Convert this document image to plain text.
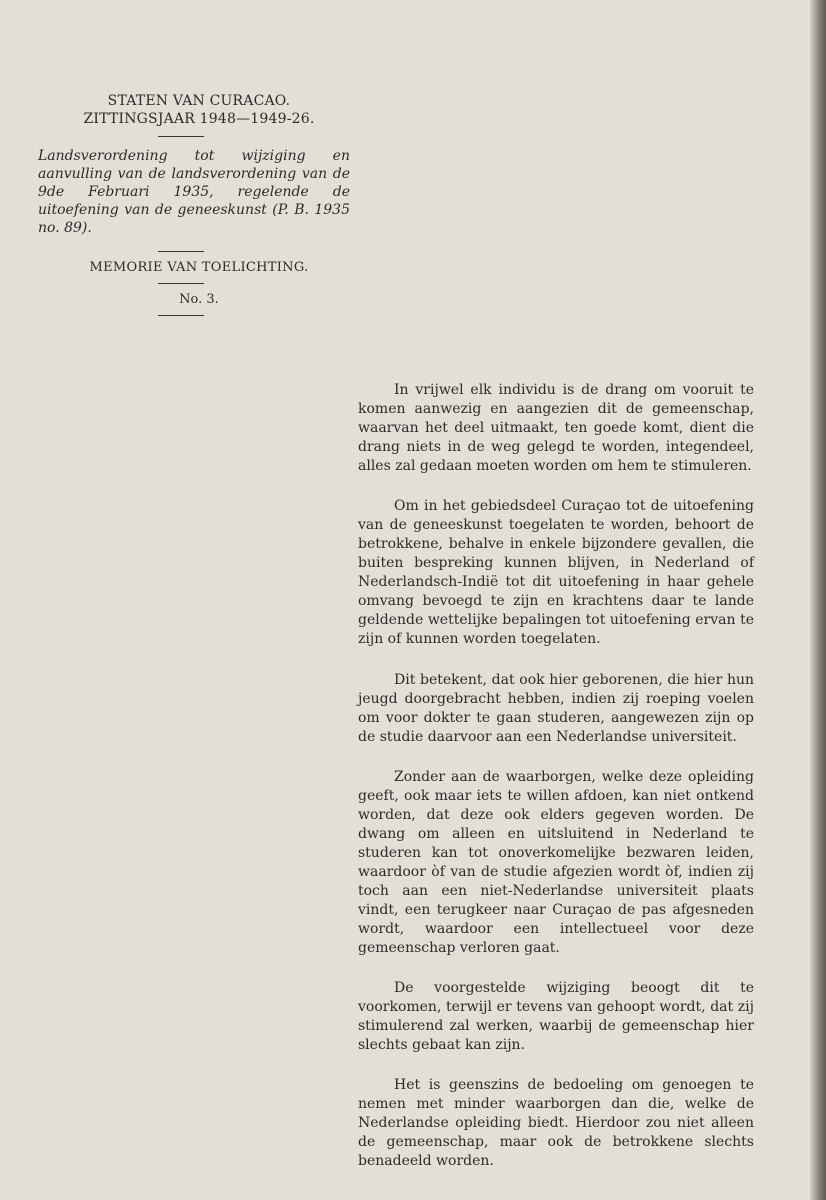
STATEN VAN CURACAO.

ZITTINGSJAAR 1948—1949-26.

Landsverordening tot wijziging en aanvulling van de landsverordening van de 9de Februari 1935, regelende de uitoefening van de geneeskunst (P. B. 1935 no. 89).

MEMORIE VAN TOELICHTING.

No. 3.

In vrijwel elk individu is de drang om vooruit te komen aanwezig en aangezien dit de gemeenschap, waarvan het deel uitmaakt, ten goede komt, dient die drang niets in de weg gelegd te worden, integendeel, alles zal gedaan moeten worden om hem te stimuleren.

Om in het gebiedsdeel Curaçao tot de uitoefening van de geneeskunst toegelaten te worden, behoort de betrokkene, behalve in enkele bijzondere gevallen, die buiten bespreking kunnen blijven, in Nederland of Nederlandsch-Indië tot dit uitoefening in haar gehele omvang bevoegd te zijn en krachtens daar te lande geldende wettelijke bepalingen tot uitoefening ervan te zijn of kunnen worden toegelaten.

Dit betekent, dat ook hier geborenen, die hier hun jeugd doorgebracht hebben, indien zij roeping voelen om voor dokter te gaan studeren, aangewezen zijn op de studie daarvoor aan een Nederlandse universiteit.

Zonder aan de waarborgen, welke deze opleiding geeft, ook maar iets te willen afdoen, kan niet ontkend worden, dat deze ook elders gegeven worden. De dwang om alleen en uitsluitend in Nederland te studeren kan tot onoverkomelijke bezwaren leiden, waardoor òf van de studie afgezien wordt òf, indien zij toch aan een niet-Nederlandse universiteit plaats vindt, een terugkeer naar Curaçao de pas afgesneden wordt, waardoor een intellectueel voor deze gemeenschap verloren gaat.

De voorgestelde wijziging beoogt dit te voorkomen, terwijl er tevens van gehoopt wordt, dat zij stimulerend zal werken, waarbij de gemeenschap hier slechts gebaat kan zijn.

Het is geenszins de bedoeling om genoegen te nemen met minder waarborgen dan die, welke de Nederlandse opleiding biedt. Hierdoor zou niet alleen de gemeenschap, maar ook de betrokkene slechts benadeeld worden.
